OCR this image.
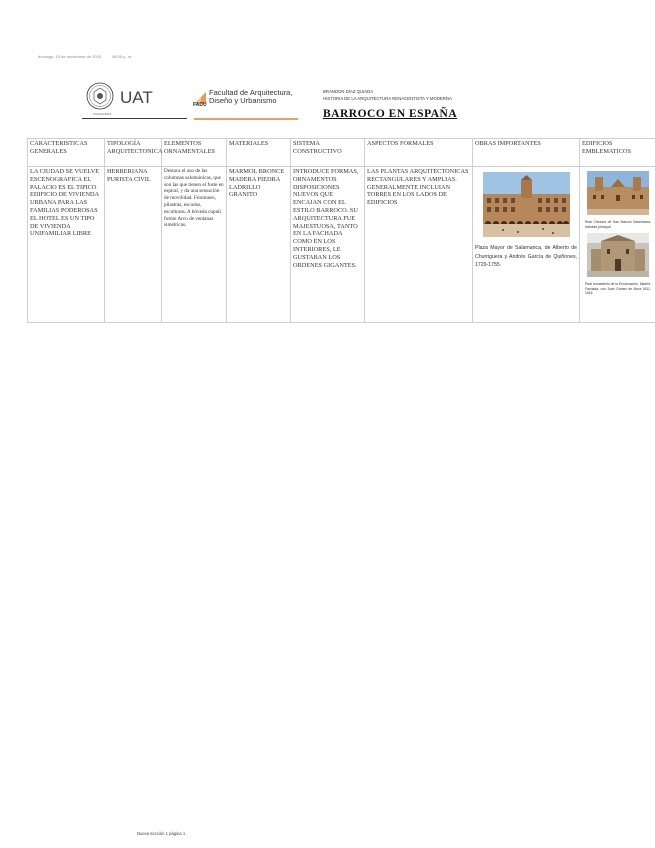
domingo, 15 de noviembre de 2020	08:00 p. m.
UAT
TAMAULIPAS
FADU
Facultad de Arquitectura,
Diseño y Urbanismo
BRANDON DÍAZ QUIADA
HISTORIA DE LA ARQUITECTURA RENACENTISTA Y MODERNA
BARROCO EN ESPAÑA
CARACTERISTICAS GENERALES	TIPOLOGÍA ARQUITECTONICA	ELEMENTOS ORNAMENTALES	MATERIALES	SISTEMA CONSTRUCTIVO	ASPECTOS FORMALES	OBRAS IMPORTANTES	EDIFICIOS EMBLEMATICOS
LA CIUDAD SE VUELVE ESCENOGRAFICA EL PALACIO ES EL TIPICO EDIFICIO DE VIVIENDA URBANA PARA LAS FAMILIAS PODEROSAS EL HOTEL ES UN TIPO DE VIVIENDA UNIFAMILIAR LIBRE	HERRERIANA PURISTA CIVIL	Destaca el uso de las columnas salomónicas, que son las que tienen el fuste en espiral, y da una sensación de movilidad. Frontones, pilastras, escudos, esculturas. A bóveda cupuli forme Arco de ventanas simétricas.	MARMOL BRONCE MADERA PIEDRA LADRILLO GRANITO	INTRODUCE FORMAS, ORNAMENTOS DISPOSICIONES NUEVOS QUE ENCAJAN CON EL ESTILO BARROCO. SU ARQUITECTURA FUE MAJESTUOSA, TANTO EN LA FACHADA COMO EN LOS INTERIORES, LE GUSTABAN LOS ORDENES GIGANTES.	LAS PLANTAS ARQUITECTONICAS RECTANGULARES Y AMPLIAS. GENERALMENTE INCLUIAN TORRES EN LOS LADOS DE EDIFICIOS	Plaza Mayor de Salamanca, de Alberto de Churriguera y Andrés García de Quiñones, 1729-1755.	Real Clerecía de San Marcos Salamanca, fachada principal
Real monasterio de la Encarnación, Madrid. Fachada, con Juan Gómez de Mora 1611-1616
Nueva sección 1 página 1
